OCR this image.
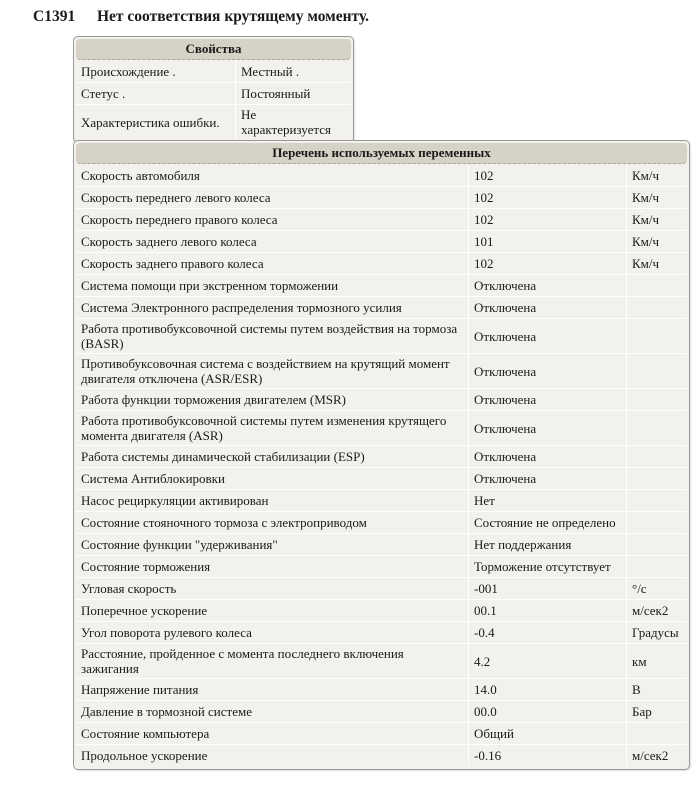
C1391 Нет соответствия крутящему моменту.
Свойства
Происхождение .	Местный .
Стетус .	Постоянный
Характеристика ошибки.	Не характеризуется
Перечень используемых переменных
Скорость автомобиля	102	Км/ч
Скорость переднего левого колеса	102	Км/ч
Скорость переднего правого колеса	102	Км/ч
Скорость заднего левого колеса	101	Км/ч
Скорость заднего правого колеса	102	Км/ч
Система помощи при экстренном торможении	Отключена	
Система Электронного распределения тормозного усилия	Отключена	
Работа противобуксовочной системы путем воздействия на тормоза (BASR)	Отключена	
Противобуксовочная система с воздействием на крутящий момент двигателя отключена (ASR/ESR)	Отключена	
Работа функции торможения двигателем (MSR)	Отключена	
Работа противобуксовочной системы путем изменения крутящего момента двигателя (ASR)	Отключена	
Работа системы динамической стабилизации (ESP)	Отключена	
Система Антиблокировки	Отключена	
Насос рециркуляции активирован	Нет	
Состояние стояночного тормоза с электроприводом	Состояние не определено	
Состояние функции "удерживания"	Нет поддержания	
Состояние торможения	Торможение отсутствует	
Угловая скорость	-001	°/с
Поперечное ускорение	00.1	м/сек2
Угол поворота рулевого колеса	-0.4	Градусы
Расстояние, пройденное с момента последнего включения зажигания	4.2	км
Напряжение питания	14.0	В
Давление в тормозной системе	00.0	Бар
Состояние компьютера	Общий	
Продольное ускорение	-0.16	м/сек2
